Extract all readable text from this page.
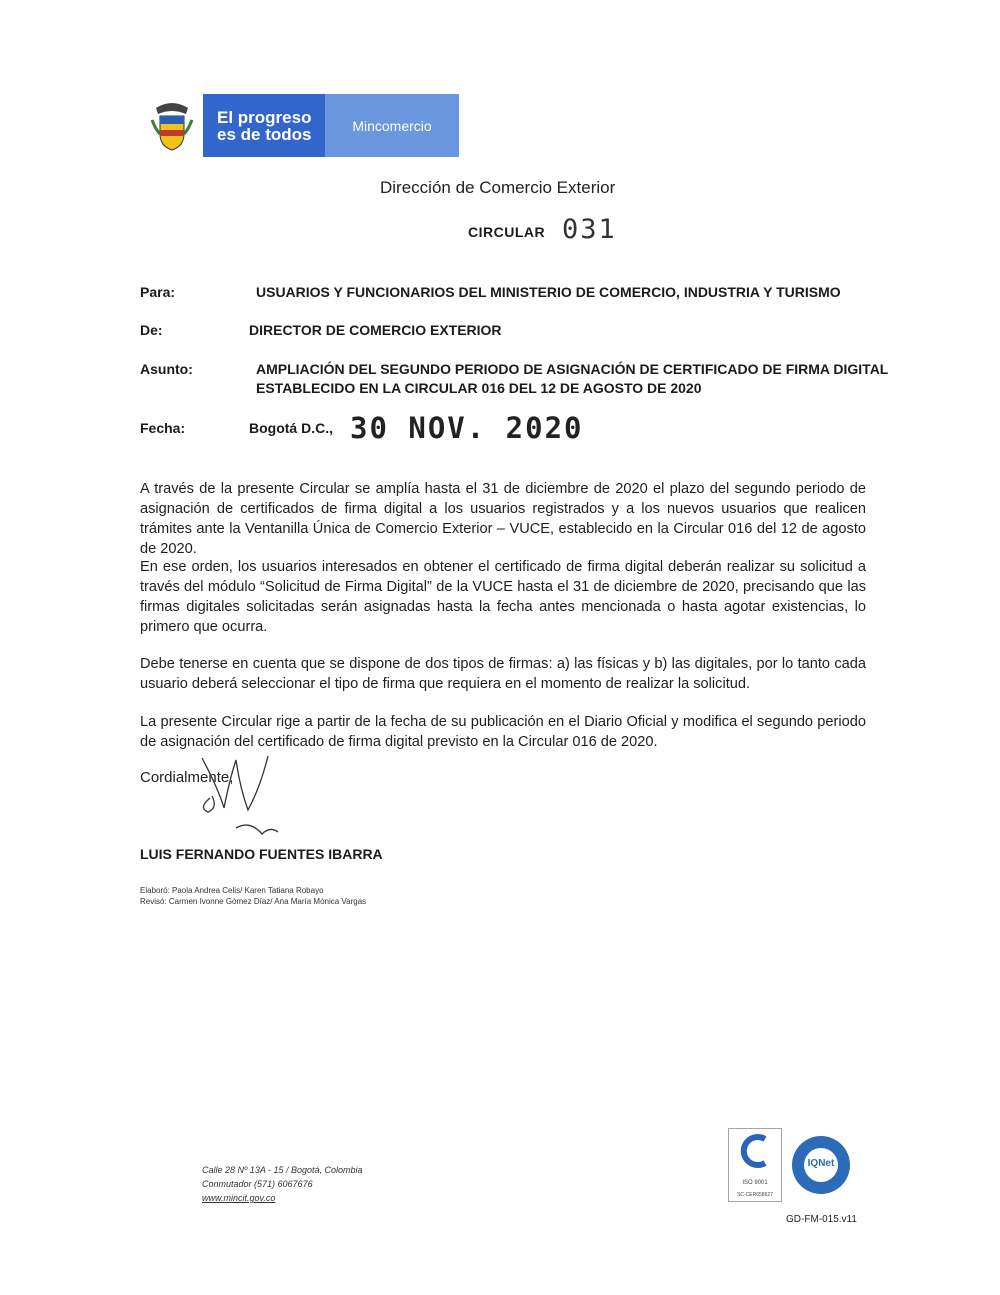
El progreso
es de todos	Mincomercio
Dirección de Comercio Exterior
CIRCULAR 031
Para:	USUARIOS Y FUNCIONARIOS DEL MINISTERIO DE COMERCIO, INDUSTRIA Y TURISMO
De:	DIRECTOR DE COMERCIO EXTERIOR
Asunto:	AMPLIACIÓN DEL SEGUNDO PERIODO DE ASIGNACIÓN DE CERTIFICADO DE FIRMA DIGITAL
ESTABLECIDO EN LA CIRCULAR 016 DEL 12 DE AGOSTO DE 2020
Fecha:	Bogotá D.C., 30 NOV. 2020
A través de la presente Circular se amplía hasta el 31 de diciembre de 2020 el plazo del segundo periodo de asignación de certificados de firma digital a los usuarios registrados y a los nuevos usuarios que realicen trámites ante la Ventanilla Única de Comercio Exterior – VUCE, establecido en la Circular 016 del 12 de agosto de 2020.
En ese orden, los usuarios interesados en obtener el certificado de firma digital deberán realizar su solicitud a través del módulo “Solicitud de Firma Digital” de la VUCE hasta el 31 de diciembre de 2020, precisando que las firmas digitales solicitadas serán asignadas hasta la fecha antes mencionada o hasta agotar existencias, lo primero que ocurra.
Debe tenerse en cuenta que se dispone de dos tipos de firmas: a) las físicas y b) las digitales, por lo tanto cada usuario deberá seleccionar el tipo de firma que requiera en el momento de realizar la solicitud.
La presente Circular rige a partir de la fecha de su publicación en el Diario Oficial y modifica el segundo periodo de asignación del certificado de firma digital previsto en la Circular 016 de 2020.
Cordialmente,
LUIS FERNANDO FUENTES IBARRA
Elaboró: Paola Andrea Celis/ Karen Tatiana Robayo
Revisó: Carmen Ivonne Gómez Díaz/ Ana María Mónica Vargas
Calle 28 Nº 13A - 15 / Bogotá, Colombia
Conmutador (571) 6067676
www.mincit.gov.co
ISO 9001
SC-CER658627
IQNet
GD-FM-015.v11
